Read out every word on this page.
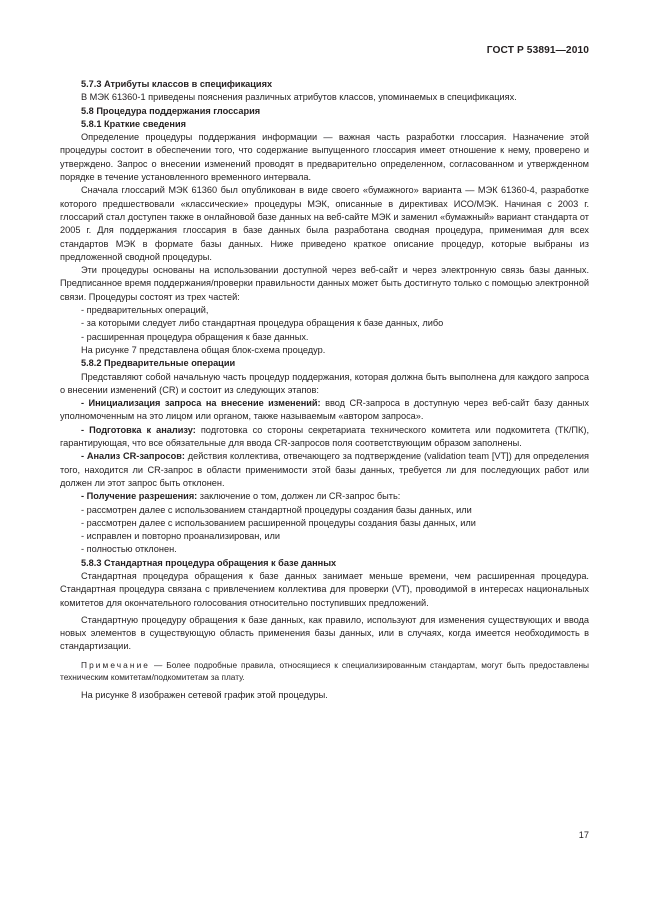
ГОСТ Р 53891—2010

5.7.3 Атрибуты классов в спецификациях

В МЭК 61360-1 приведены пояснения различных атрибутов классов, упоминаемых в спецификациях.

5.8 Процедура поддержания глоссария

5.8.1 Краткие сведения

Определение процедуры поддержания информации — важная часть разработки глоссария. Назначение этой процедуры состоит в обеспечении того, что содержание выпущенного глоссария имеет отношение к нему, проверено и утверждено. Запрос о внесении изменений проводят в предварительно определенном, согласованном и утвержденном порядке в течение установленного временного интервала.

Сначала глоссарий МЭК 61360 был опубликован в виде своего «бумажного» варианта — МЭК 61360-4, разработке которого предшествовали «классические» процедуры МЭК, описанные в директивах ИСО/МЭК. Начиная с 2003 г. глоссарий стал доступен также в онлайновой базе данных на веб-сайте МЭК и заменил «бумажный» вариант стандарта от 2005 г. Для поддержания глоссария в базе данных была разработана сводная процедура, применимая для всех стандартов МЭК в формате базы данных. Ниже приведено краткое описание процедур, которые выбраны из предложенной сводной процедуры.

Эти процедуры основаны на использовании доступной через веб-сайт и через электронную связь базы данных. Предписанное время поддержания/проверки правильности данных может быть достигнуто только с помощью электронной связи. Процедуры состоят из трех частей:

- предварительных операций,

- за которыми следует либо стандартная процедура обращения к базе данных, либо

- расширенная процедура обращения к базе данных.

На рисунке 7 представлена общая блок-схема процедур.

5.8.2 Предварительные операции

Представляют собой начальную часть процедур поддержания, которая должна быть выполнена для каждого запроса о внесении изменений (CR) и состоит из следующих этапов:

- Инициализация запроса на внесение изменений: ввод CR-запроса в доступную через веб-сайт базу данных уполномоченным на это лицом или органом, также называемым «автором запроса».

- Подготовка к анализу: подготовка со стороны секретариата технического комитета или подкомитета (ТК/ПК), гарантирующая, что все обязательные для ввода CR-запросов поля соответствующим образом заполнены.

- Анализ CR-запросов: действия коллектива, отвечающего за подтверждение (validation team [VT]) для определения того, находится ли CR-запрос в области применимости этой базы данных, требуется ли для последующих работ или должен ли этот запрос быть отклонен.

- Получение разрешения: заключение о том, должен ли CR-запрос быть:

- рассмотрен далее с использованием стандартной процедуры создания базы данных, или

- рассмотрен далее с использованием расширенной процедуры создания базы данных, или

- исправлен и повторно проанализирован, или

- полностью отклонен.

5.8.3 Стандартная процедура обращения к базе данных

Стандартная процедура обращения к базе данных занимает меньше времени, чем расширенная процедура. Стандартная процедура связана с привлечением коллектива для проверки (VT), проводимой в интересах национальных комитетов для окончательного голосования относительно поступивших предложений.

Стандартную процедуру обращения к базе данных, как правило, используют для изменения существующих и ввода новых элементов в существующую область применения базы данных, или в случаях, когда имеется необходимость в стандартизации.

Примечание — Более подробные правила, относящиеся к специализированным стандартам, могут быть предоставлены техническим комитетам/подкомитетам за плату.

На рисунке 8 изображен сетевой график этой процедуры.

17
